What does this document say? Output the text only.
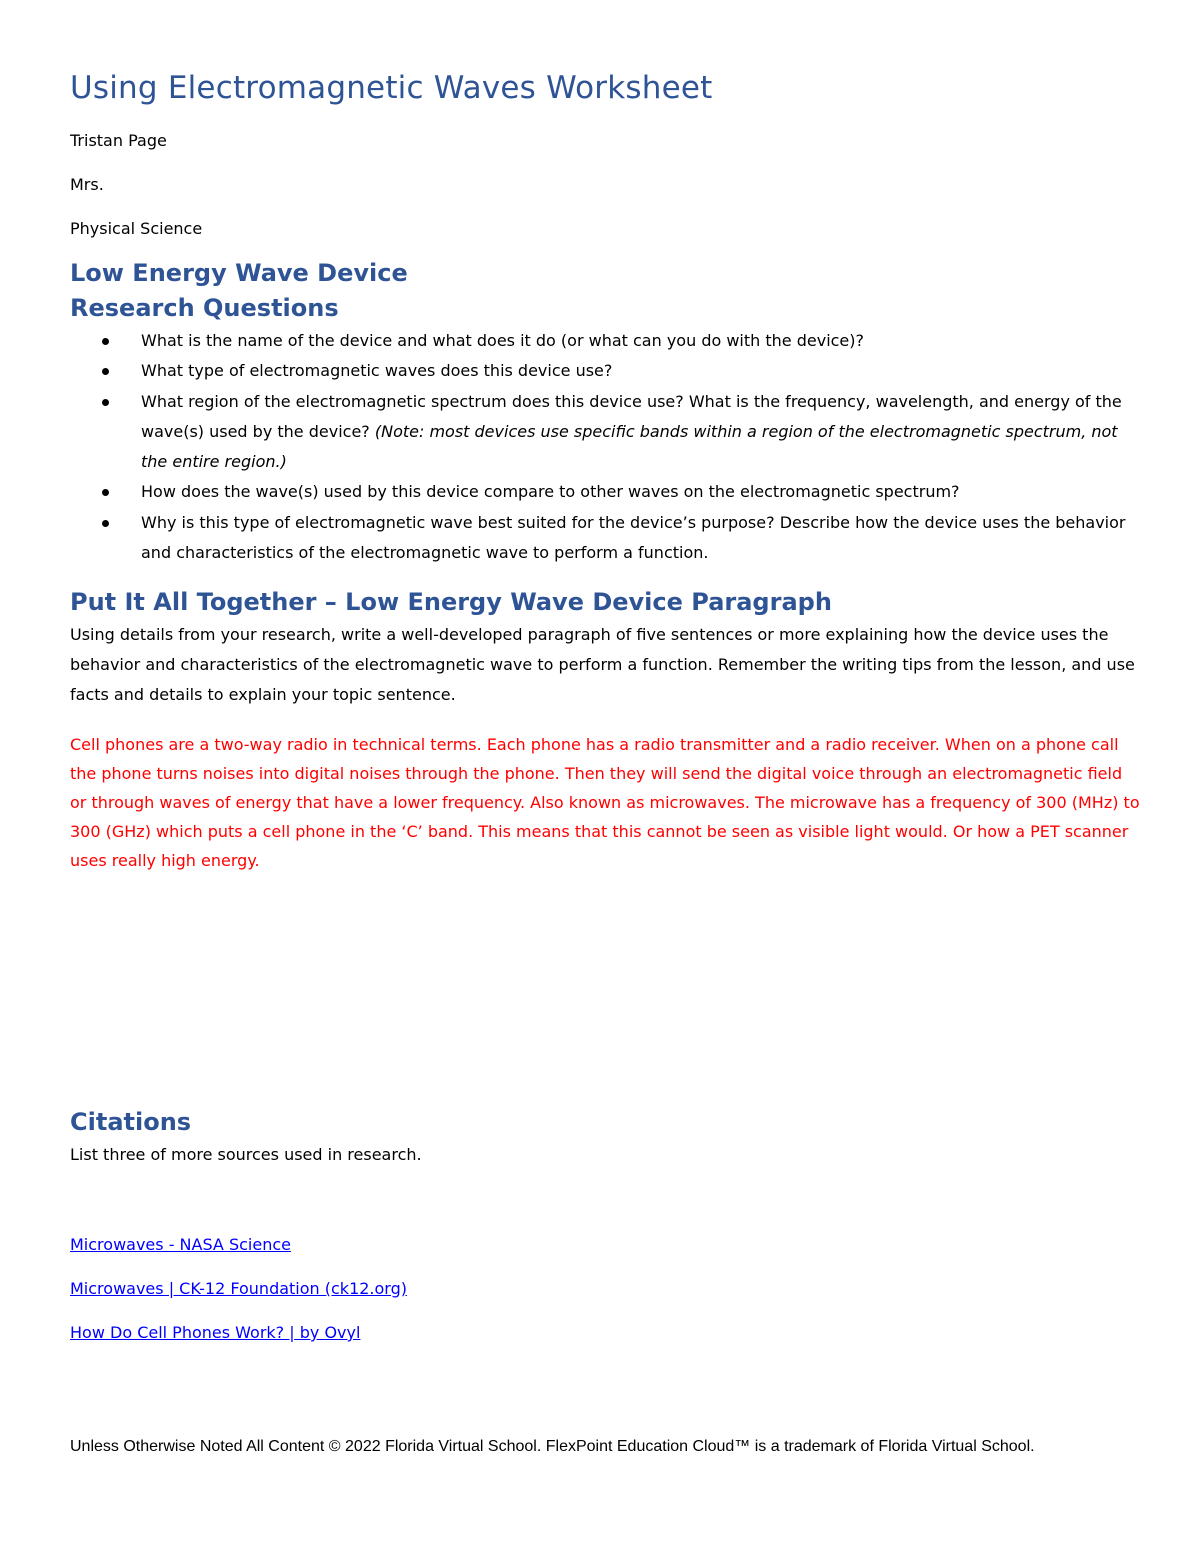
Using Electromagnetic Waves Worksheet
Tristan Page
Mrs.
Physical Science
Low Energy Wave Device
Research Questions
What is the name of the device and what does it do (or what can you do with the device)?
What type of electromagnetic waves does this device use?
What region of the electromagnetic spectrum does this device use? What is the frequency, wavelength, and energy of the wave(s) used by the device? (Note: most devices use specific bands within a region of the electromagnetic spectrum, not the entire region.)
How does the wave(s) used by this device compare to other waves on the electromagnetic spectrum?
Why is this type of electromagnetic wave best suited for the device’s purpose? Describe how the device uses the behavior and characteristics of the electromagnetic wave to perform a function.
Put It All Together – Low Energy Wave Device Paragraph

Using details from your research, write a well-developed paragraph of five sentences or more explaining how the device uses the behavior and characteristics of the electromagnetic wave to perform a function. Remember the writing tips from the lesson, and use facts and details to explain your topic sentence.

Cell phones are a two-way radio in technical terms. Each phone has a radio transmitter and a radio receiver. When on a phone call the phone turns noises into digital noises through the phone. Then they will send the digital voice through an electromagnetic field or through waves of energy that have a lower frequency. Also known as microwaves. The microwave has a frequency of 300 (MHz) to 300 (GHz) which puts a cell phone in the ‘C’ band. This means that this cannot be seen as visible light would. Or how a PET scanner uses really high energy.

Citations
List three of more sources used in research.
Microwaves - NASA Science
Microwaves | CK-12 Foundation (ck12.org)
How Do Cell Phones Work? | by Ovyl

Unless Otherwise Noted All Content © 2022 Florida Virtual School. FlexPoint Education Cloud™ is a trademark of Florida Virtual School.
